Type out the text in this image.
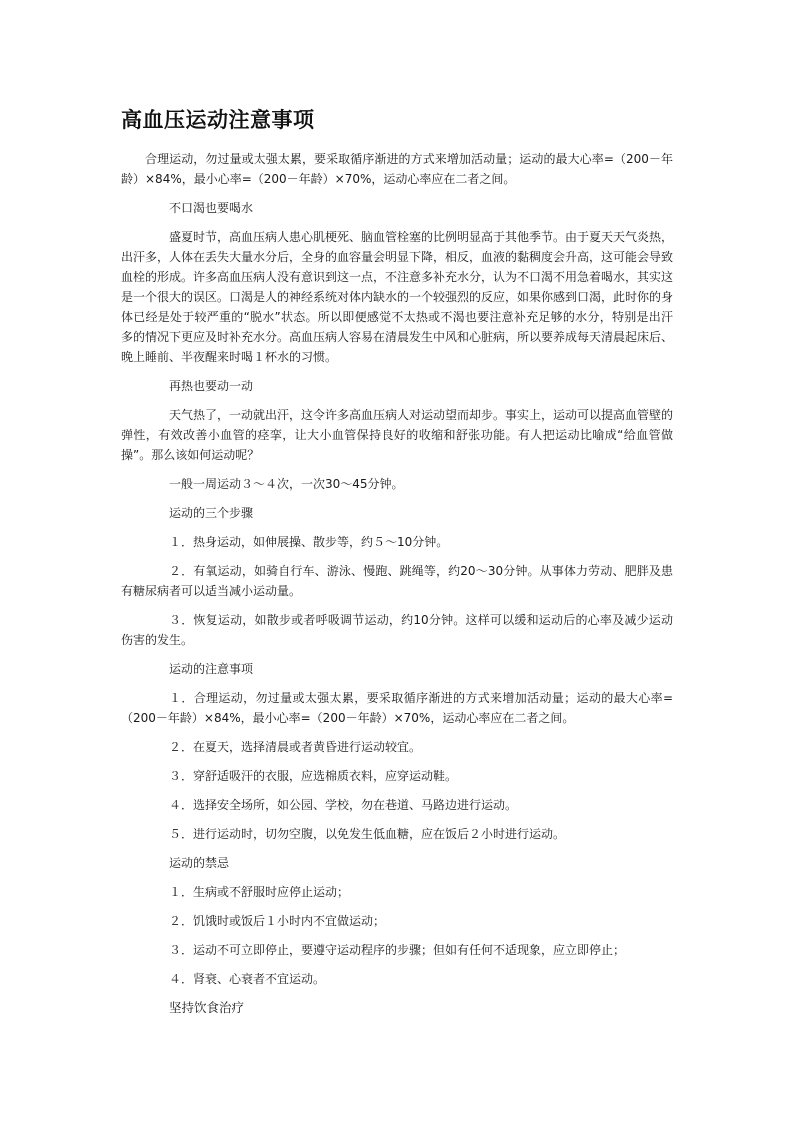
高血压运动注意事项

合理运动，勿过量或太强太累，要采取循序渐进的方式来增加活动量；运动的最大心率=（200－年龄）×84%，最小心率=（200－年龄）×70%，运动心率应在二者之间。

不口渴也要喝水

盛夏时节，高血压病人患心肌梗死、脑血管栓塞的比例明显高于其他季节。由于夏天天气炎热，出汗多，人体在丢失大量水分后，全身的血容量会明显下降，相反，血液的黏稠度会升高，这可能会导致血栓的形成。许多高血压病人没有意识到这一点，不注意多补充水分，认为不口渴不用急着喝水，其实这是一个很大的误区。口渴是人的神经系统对体内缺水的一个较强烈的反应，如果你感到口渴，此时你的身体已经是处于较严重的“脱水”状态。所以即便感觉不太热或不渴也要注意补充足够的水分，特别是出汗多的情况下更应及时补充水分。高血压病人容易在清晨发生中风和心脏病，所以要养成每天清晨起床后、晚上睡前、半夜醒来时喝１杯水的习惯。

再热也要动一动

天气热了，一动就出汗，这令许多高血压病人对运动望而却步。事实上，运动可以提高血管壁的弹性，有效改善小血管的痉挛，让大小血管保持良好的收缩和舒张功能。有人把运动比喻成“给血管做操”。那么该如何运动呢？

一般一周运动３～４次，一次30～45分钟。

运动的三个步骤

１．热身运动，如伸展操、散步等，约５～10分钟。

２．有氧运动，如骑自行车、游泳、慢跑、跳绳等，约20～30分钟。从事体力劳动、肥胖及患有糖尿病者可以适当减小运动量。

３．恢复运动，如散步或者呼吸调节运动，约10分钟。这样可以缓和运动后的心率及减少运动伤害的发生。

运动的注意事项

１．合理运动，勿过量或太强太累，要采取循序渐进的方式来增加活动量；运动的最大心率=（200－年龄）×84%，最小心率=（200－年龄）×70%，运动心率应在二者之间。

２．在夏天，选择清晨或者黄昏进行运动较宜。

３．穿舒适吸汗的衣服，应选棉质衣料，应穿运动鞋。

４．选择安全场所，如公园、学校，勿在巷道、马路边进行运动。

５．进行运动时，切勿空腹，以免发生低血糖，应在饭后２小时进行运动。

运动的禁忌

１．生病或不舒服时应停止运动；

２．饥饿时或饭后１小时内不宜做运动；

３．运动不可立即停止，要遵守运动程序的步骤；但如有任何不适现象，应立即停止；

４．肾衰、心衰者不宜运动。

坚持饮食治疗
